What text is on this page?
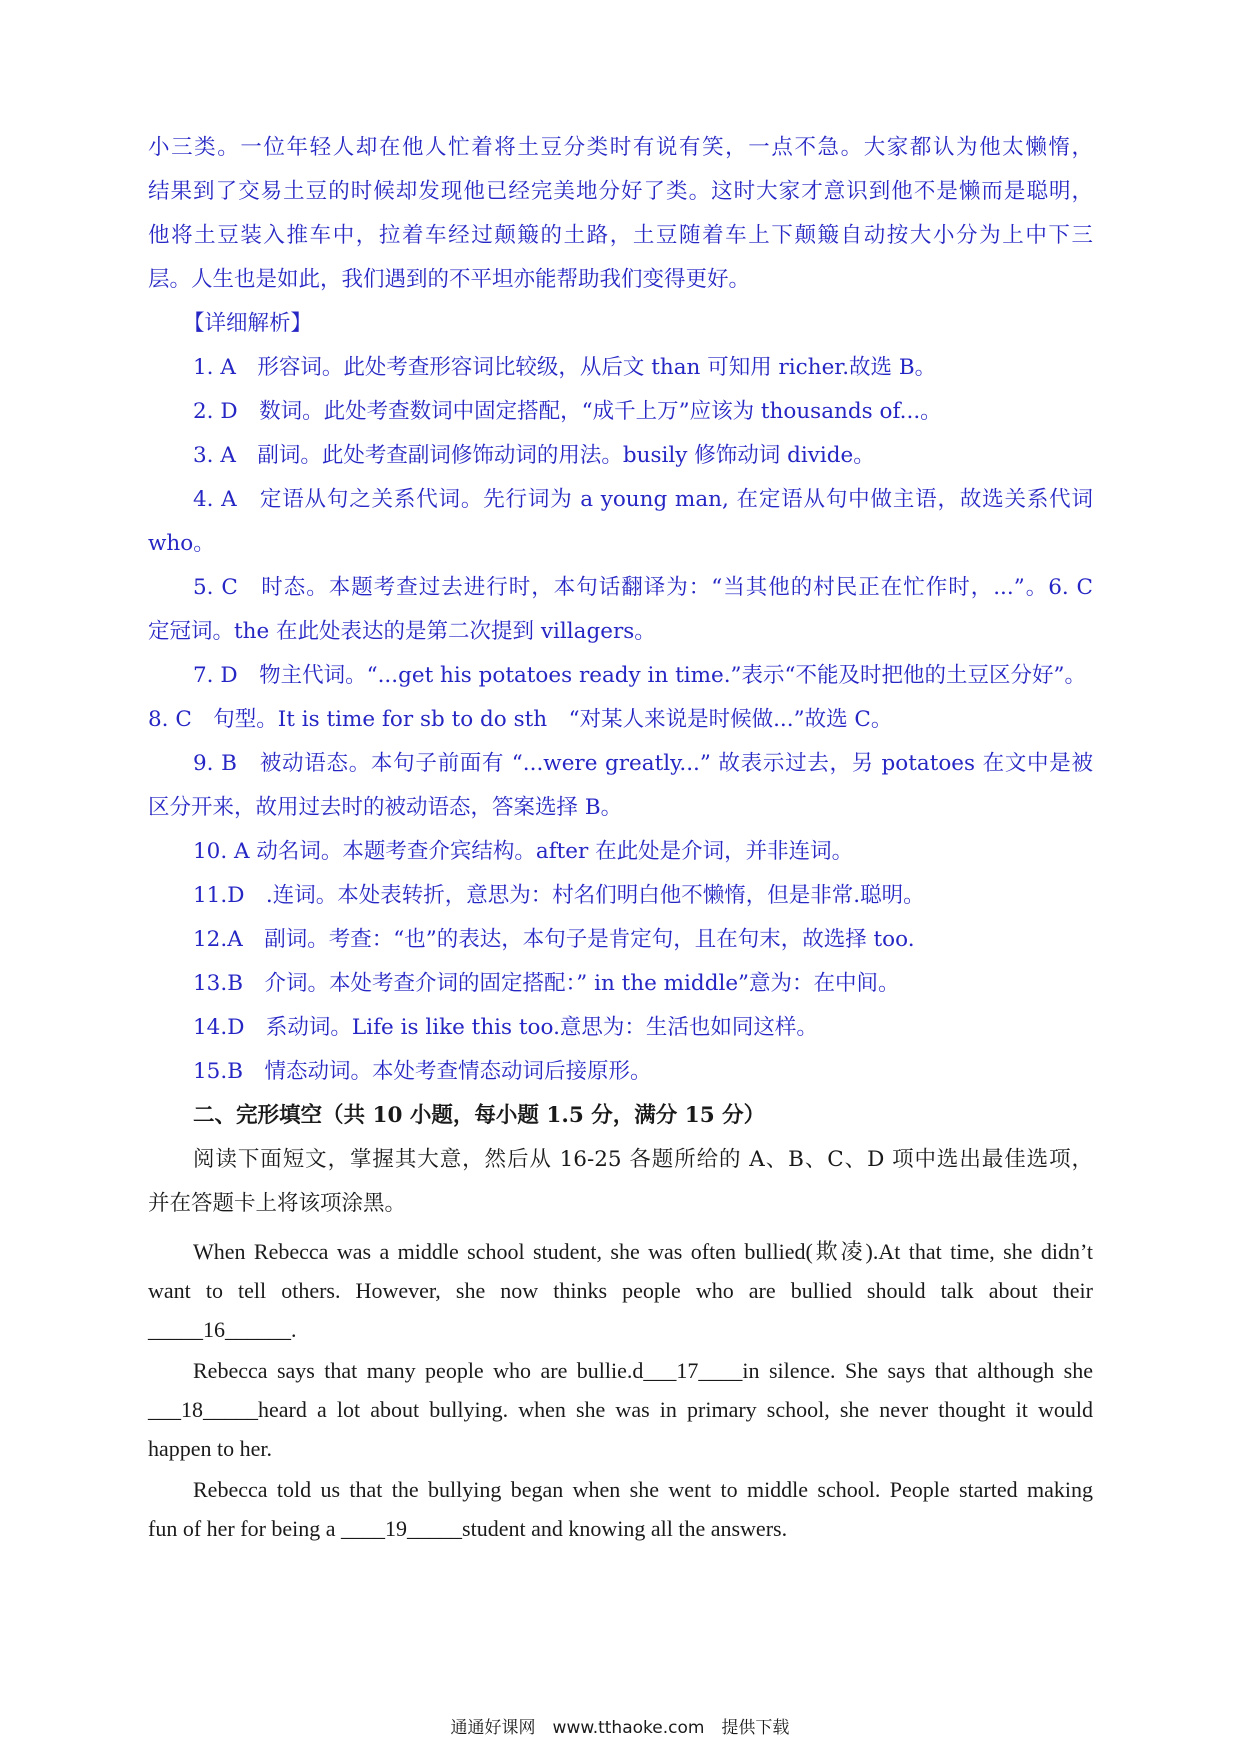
小三类。一位年轻人却在他人忙着将土豆分类时有说有笑，一点不急。大家都认为他太懒惰，
结果到了交易土豆的时候却发现他已经完美地分好了类。这时大家才意识到他不是懒而是聪明，
他将土豆装入推车中，拉着车经过颠簸的土路，土豆随着车上下颠簸自动按大小分为上中下三
层。人生也是如此，我们遇到的不平坦亦能帮助我们变得更好。
【详细解析】
1. A　形容词。此处考查形容词比较级，从后文 than 可知用 richer.故选 B。
2. D　数词。此处考查数词中固定搭配，“成千上万”应该为 thousands of...。
3. A　副词。此处考查副词修饰动词的用法。busily 修饰动词 divide。
4. A　定语从句之关系代词。先行词为 a young man, 在定语从句中做主语，故选关系代词
who。
5. C　时态。本题考查过去进行时，本句话翻译为：“当其他的村民正在忙作时，...”。6. C
定冠词。the 在此处表达的是第二次提到 villagers。
7. D　物主代词。“...get his potatoes ready in time.”表示“不能及时把他的土豆区分好”。
8. C　句型。It is time for sb to do sth　“对某人来说是时候做...”故选 C。
9. B　被动语态。本句子前面有 “...were greatly...” 故表示过去，另 potatoes 在文中是被
区分开来，故用过去时的被动语态，答案选择 B。
10. A 动名词。本题考查介宾结构。after 在此处是介词，并非连词。
11.D　.连词。本处表转折，意思为：村名们明白他不懒惰，但是非常.聪明。
12.A　副词。考查：“也”的表达，本句子是肯定句，且在句末，故选择 too.
13.B　介词。本处考查介词的固定搭配：” in the middle”意为：在中间。
14.D　系动词。Life is like this too.意思为：生活也如同这样。
15.B　情态动词。本处考查情态动词后接原形。
二、完形填空（共 10 小题，每小题 1.5 分，满分 15 分）
阅读下面短文，掌握其大意，然后从 16-25 各题所给的 A、B、C、D 项中选出最佳选项，
并在答题卡上将该项涂黑。
When Rebecca was a middle school student, she was often bullied(欺凌).At that time, she didn’t
want to tell others. However, she now thinks people who are bullied should talk about their
_____16______.
Rebecca says that many people who are bullie.d___17____in silence. She says that although she
___18_____heard a lot about bullying. when she was in primary school, she never thought it would
happen to her.
Rebecca told us that the bullying began when she went to middle school. People started making
fun of her for being a ____19_____student and knowing all the answers.
通通好课网　www.tthaoke.com　提供下载
